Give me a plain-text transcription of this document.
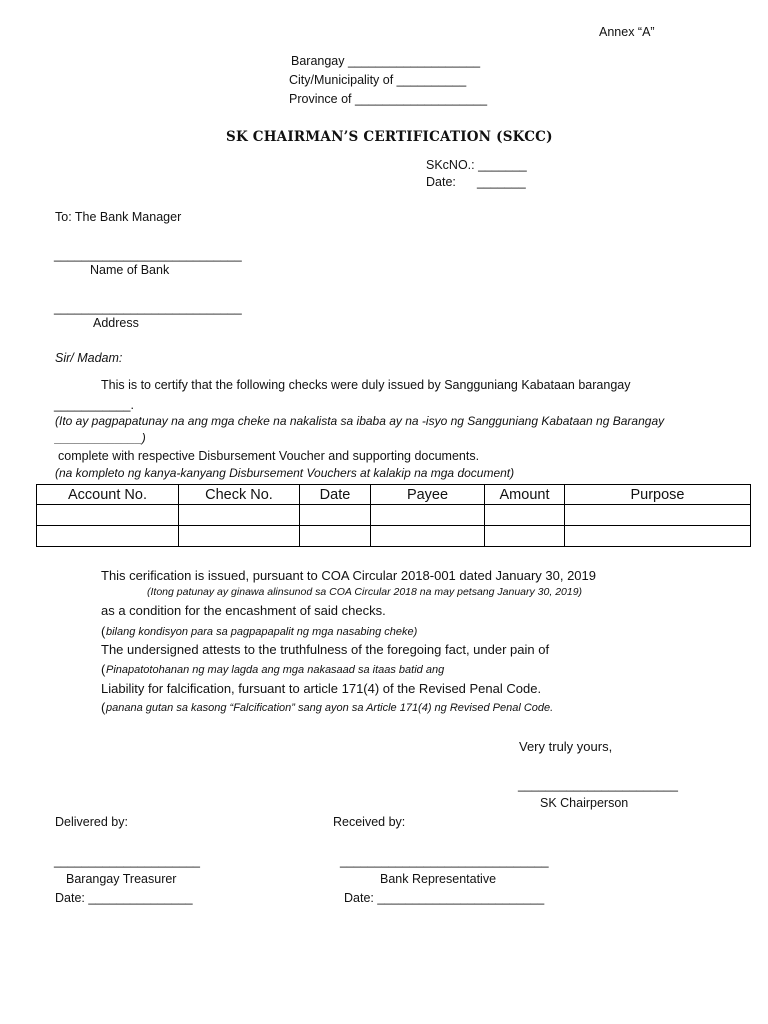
Annex “A”
Barangay ___________________
City/Municipality of __________
Province of ___________________
SK CHAIRMAN’S CERTIFICATION (SKCC)
SKcNO.: _______
Date: _______
To: The Bank Manager
___________________________
Name of Bank
___________________________
Address
Sir/ Madam:
This is to certify that the following checks were duly issued by Sangguniang Kabataan barangay
___________.
(Ito ay pagpapatunay na ang mga cheke na nakalista sa ibaba ay na -isyo ng Sangguniang Kabataan ng Barangay
_____________)
complete with respective Disbursement Voucher and supporting documents.
(na kompleto ng kanya-kanyang Disbursement Vouchers at kalakip na mga document)
Account No.	Check No.	Date	Payee	Amount	Purpose

This cerification is issued, pursuant to COA Circular 2018-001 dated January 30, 2019
(Itong patunay ay ginawa alinsunod sa COA Circular 2018 na may petsang January 30, 2019)
as a condition for the encashment of said checks.
( bilang kondisyon para sa pagpapapalit ng mga nasabing cheke)
The undersigned attests to the truthfulness of the foregoing fact, under pain of
( Pinapatotohanan ng may lagda ang mga nakasaad sa itaas batid ang
Liability for falcification, fursuant to article 171(4) of the Revised Penal Code.
( panana gutan sa kasong “Falcification” sang ayon sa Article 171(4) ng Revised Penal Code.
Very truly yours,
_______________________
SK Chairperson
Delivered by:	Received by:
_____________________	______________________________
Barangay Treasurer	Bank Representative
Date: _______________	Date: ________________________
